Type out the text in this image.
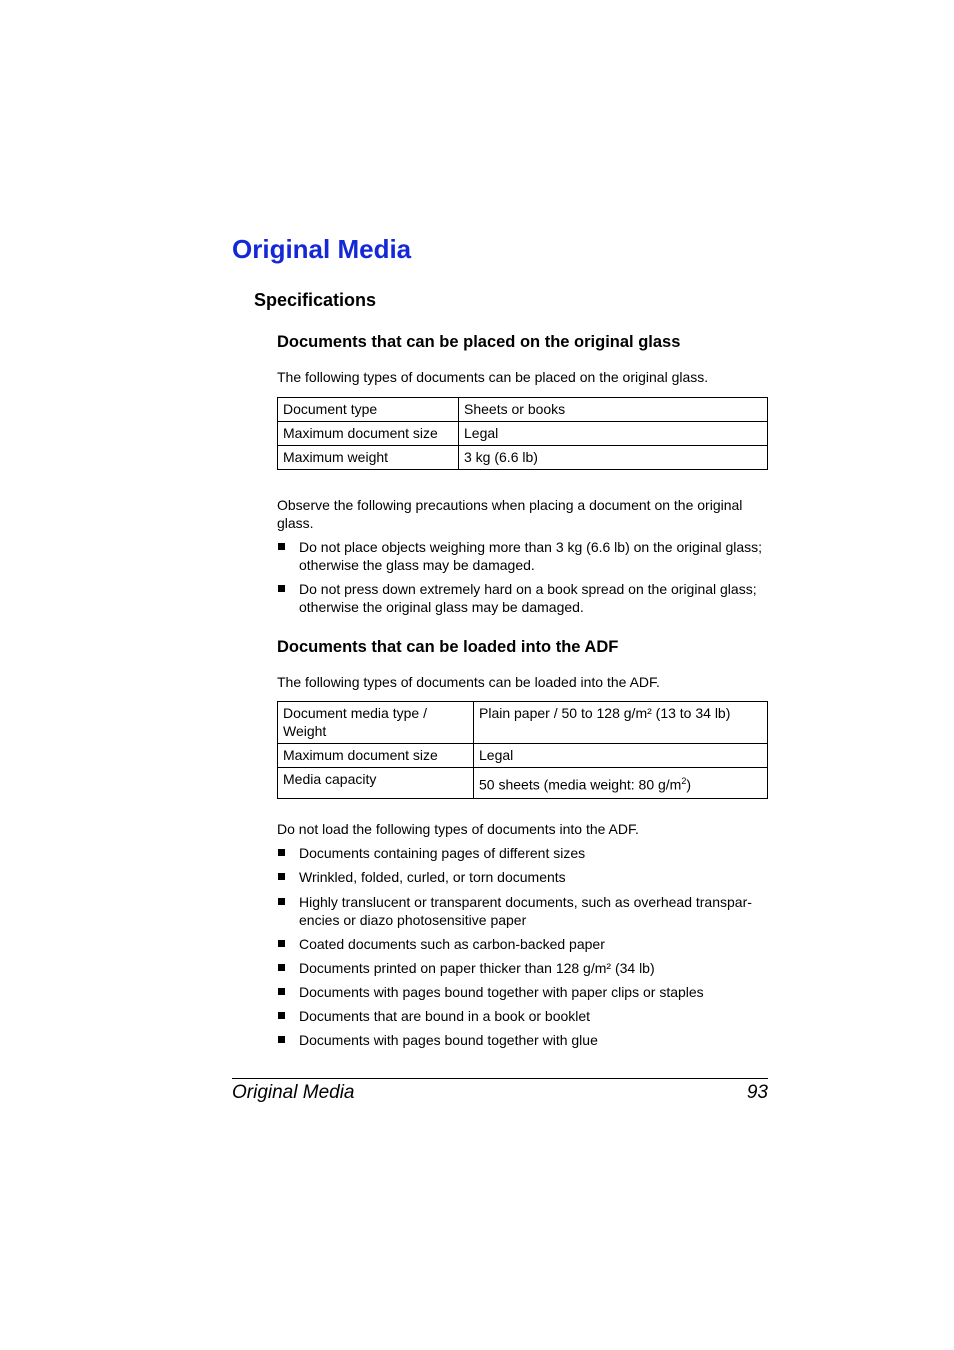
Original Media
Specifications
Documents that can be placed on the original glass
The following types of documents can be placed on the original glass.
Document type	Sheets or books
Maximum document size	Legal
Maximum weight	3 kg (6.6 lb)
Observe the following precautions when placing a document on the original glass.
Do not place objects weighing more than 3 kg (6.6 lb) on the original glass; otherwise the glass may be damaged.
Do not press down extremely hard on a book spread on the original glass; otherwise the original glass may be damaged.
Documents that can be loaded into the ADF
The following types of documents can be loaded into the ADF.
Document media type / Weight	Plain paper / 50 to 128 g/m² (13 to 34 lb)
Maximum document size	Legal
Media capacity	50 sheets (media weight: 80 $g/m^2$)
Do not load the following types of documents into the ADF.
Documents containing pages of different sizes
Wrinkled, folded, curled, or torn documents
Highly translucent or transparent documents, such as overhead transpar-encies or diazo photosensitive paper
Coated documents such as carbon-backed paper
Documents printed on paper thicker than 128 g/m² (34 lb)
Documents with pages bound together with paper clips or staples
Documents that are bound in a book or booklet
Documents with pages bound together with glue
Original Media	93
